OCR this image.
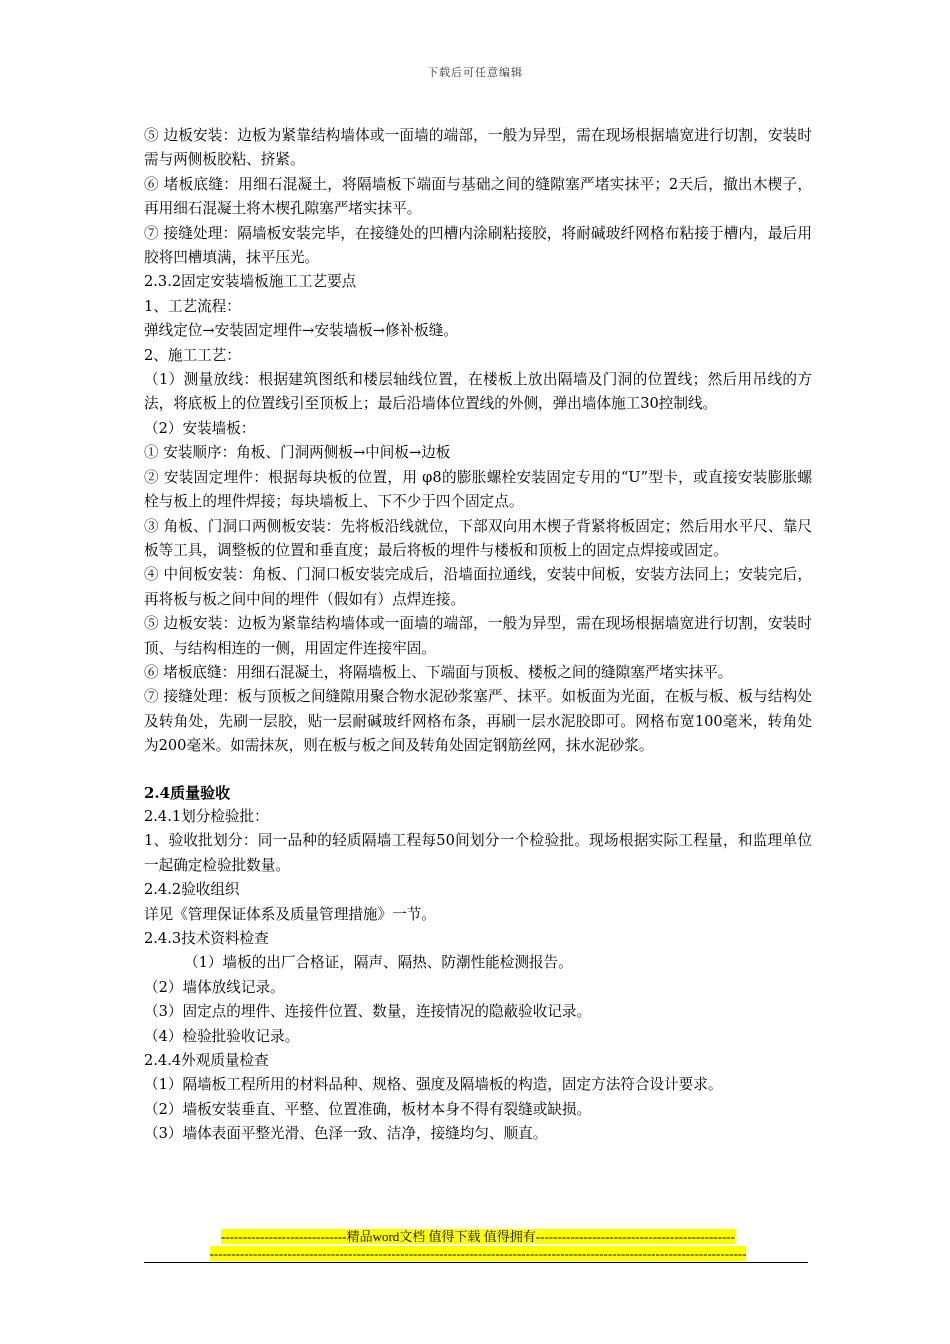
下载后可任意编辑

⑤ 边板安装：边板为紧靠结构墙体或一面墙的端部，一般为异型，需在现场根据墙宽进行切割，安装时需与两侧板胶粘、挤紧。

⑥ 堵板底缝：用细石混凝土，将隔墙板下端面与基础之间的缝隙塞严堵实抹平；2天后，撤出木楔子，再用细石混凝土将木楔孔隙塞严堵实抹平。

⑦ 接缝处理：隔墙板安装完毕，在接缝处的凹槽内涂刷粘接胶，将耐碱玻纤网格布粘接于槽内，最后用胶将凹槽填满，抹平压光。

2.3.2固定安装墙板施工工艺要点

1、工艺流程：

弹线定位→安装固定埋件→安装墙板→修补板缝。

2、施工工艺：

（1）测量放线：根据建筑图纸和楼层轴线位置，在楼板上放出隔墙及门洞的位置线；然后用吊线的方法，将底板上的位置线引至顶板上；最后沿墙体位置线的外侧，弹出墙体施工30控制线。

（2）安装墙板：

① 安装顺序：角板、门洞两侧板→中间板→边板

② 安装固定埋件：根据每块板的位置，用 φ8的膨胀螺栓安装固定专用的“U”型卡，或直接安装膨胀螺栓与板上的埋件焊接；每块墙板上、下不少于四个固定点。

③ 角板、门洞口两侧板安装：先将板沿线就位，下部双向用木楔子背紧将板固定；然后用水平尺、靠尺板等工具，调整板的位置和垂直度；最后将板的埋件与楼板和顶板上的固定点焊接或固定。

④ 中间板安装：角板、门洞口板安装完成后，沿墙面拉通线，安装中间板，安装方法同上；安装完后，再将板与板之间中间的埋件（假如有）点焊连接。

⑤ 边板安装：边板为紧靠结构墙体或一面墙的端部，一般为异型，需在现场根据墙宽进行切割，安装时顶、与结构相连的一侧，用固定件连接牢固。

⑥ 堵板底缝：用细石混凝土，将隔墙板上、下端面与顶板、楼板之间的缝隙塞严堵实抹平。

⑦ 接缝处理：板与顶板之间缝隙用聚合物水泥砂浆塞严、抹平。如板面为光面，在板与板、板与结构处及转角处，先刷一层胶，贴一层耐碱玻纤网格布条，再刷一层水泥胶即可。网格布宽100毫米，转角处为200毫米。如需抹灰，则在板与板之间及转角处固定钢筋丝网，抹水泥砂浆。

2.4质量验收

2.4.1划分检验批：

1、验收批划分：同一品种的轻质隔墙工程每50间划分一个检验批。现场根据实际工程量，和监理单位一起确定检验批数量。

2.4.2验收组织

详见《管理保证体系及质量管理措施》一节。

2.4.3技术资料检查

（1）墙板的出厂合格证，隔声、隔热、防潮性能检测报告。

（2）墙体放线记录。

（3）固定点的埋件、连接件位置、数量，连接情况的隐蔽验收记录。

（4）检验批验收记录。

2.4.4外观质量检查

（1）隔墙板工程所用的材料品种、规格、强度及隔墙板的构造，固定方法符合设计要求。

（2）墙板安装垂直、平整、位置准确，板材本身不得有裂缝或缺损。

（3）墙体表面平整光滑、色泽一致、洁净，接缝均匀、顺直。

-----------------------------精品word文档 值得下载 值得拥有----------------------------------------------
----------------------------------------------------------------------------------------------------------------------------
